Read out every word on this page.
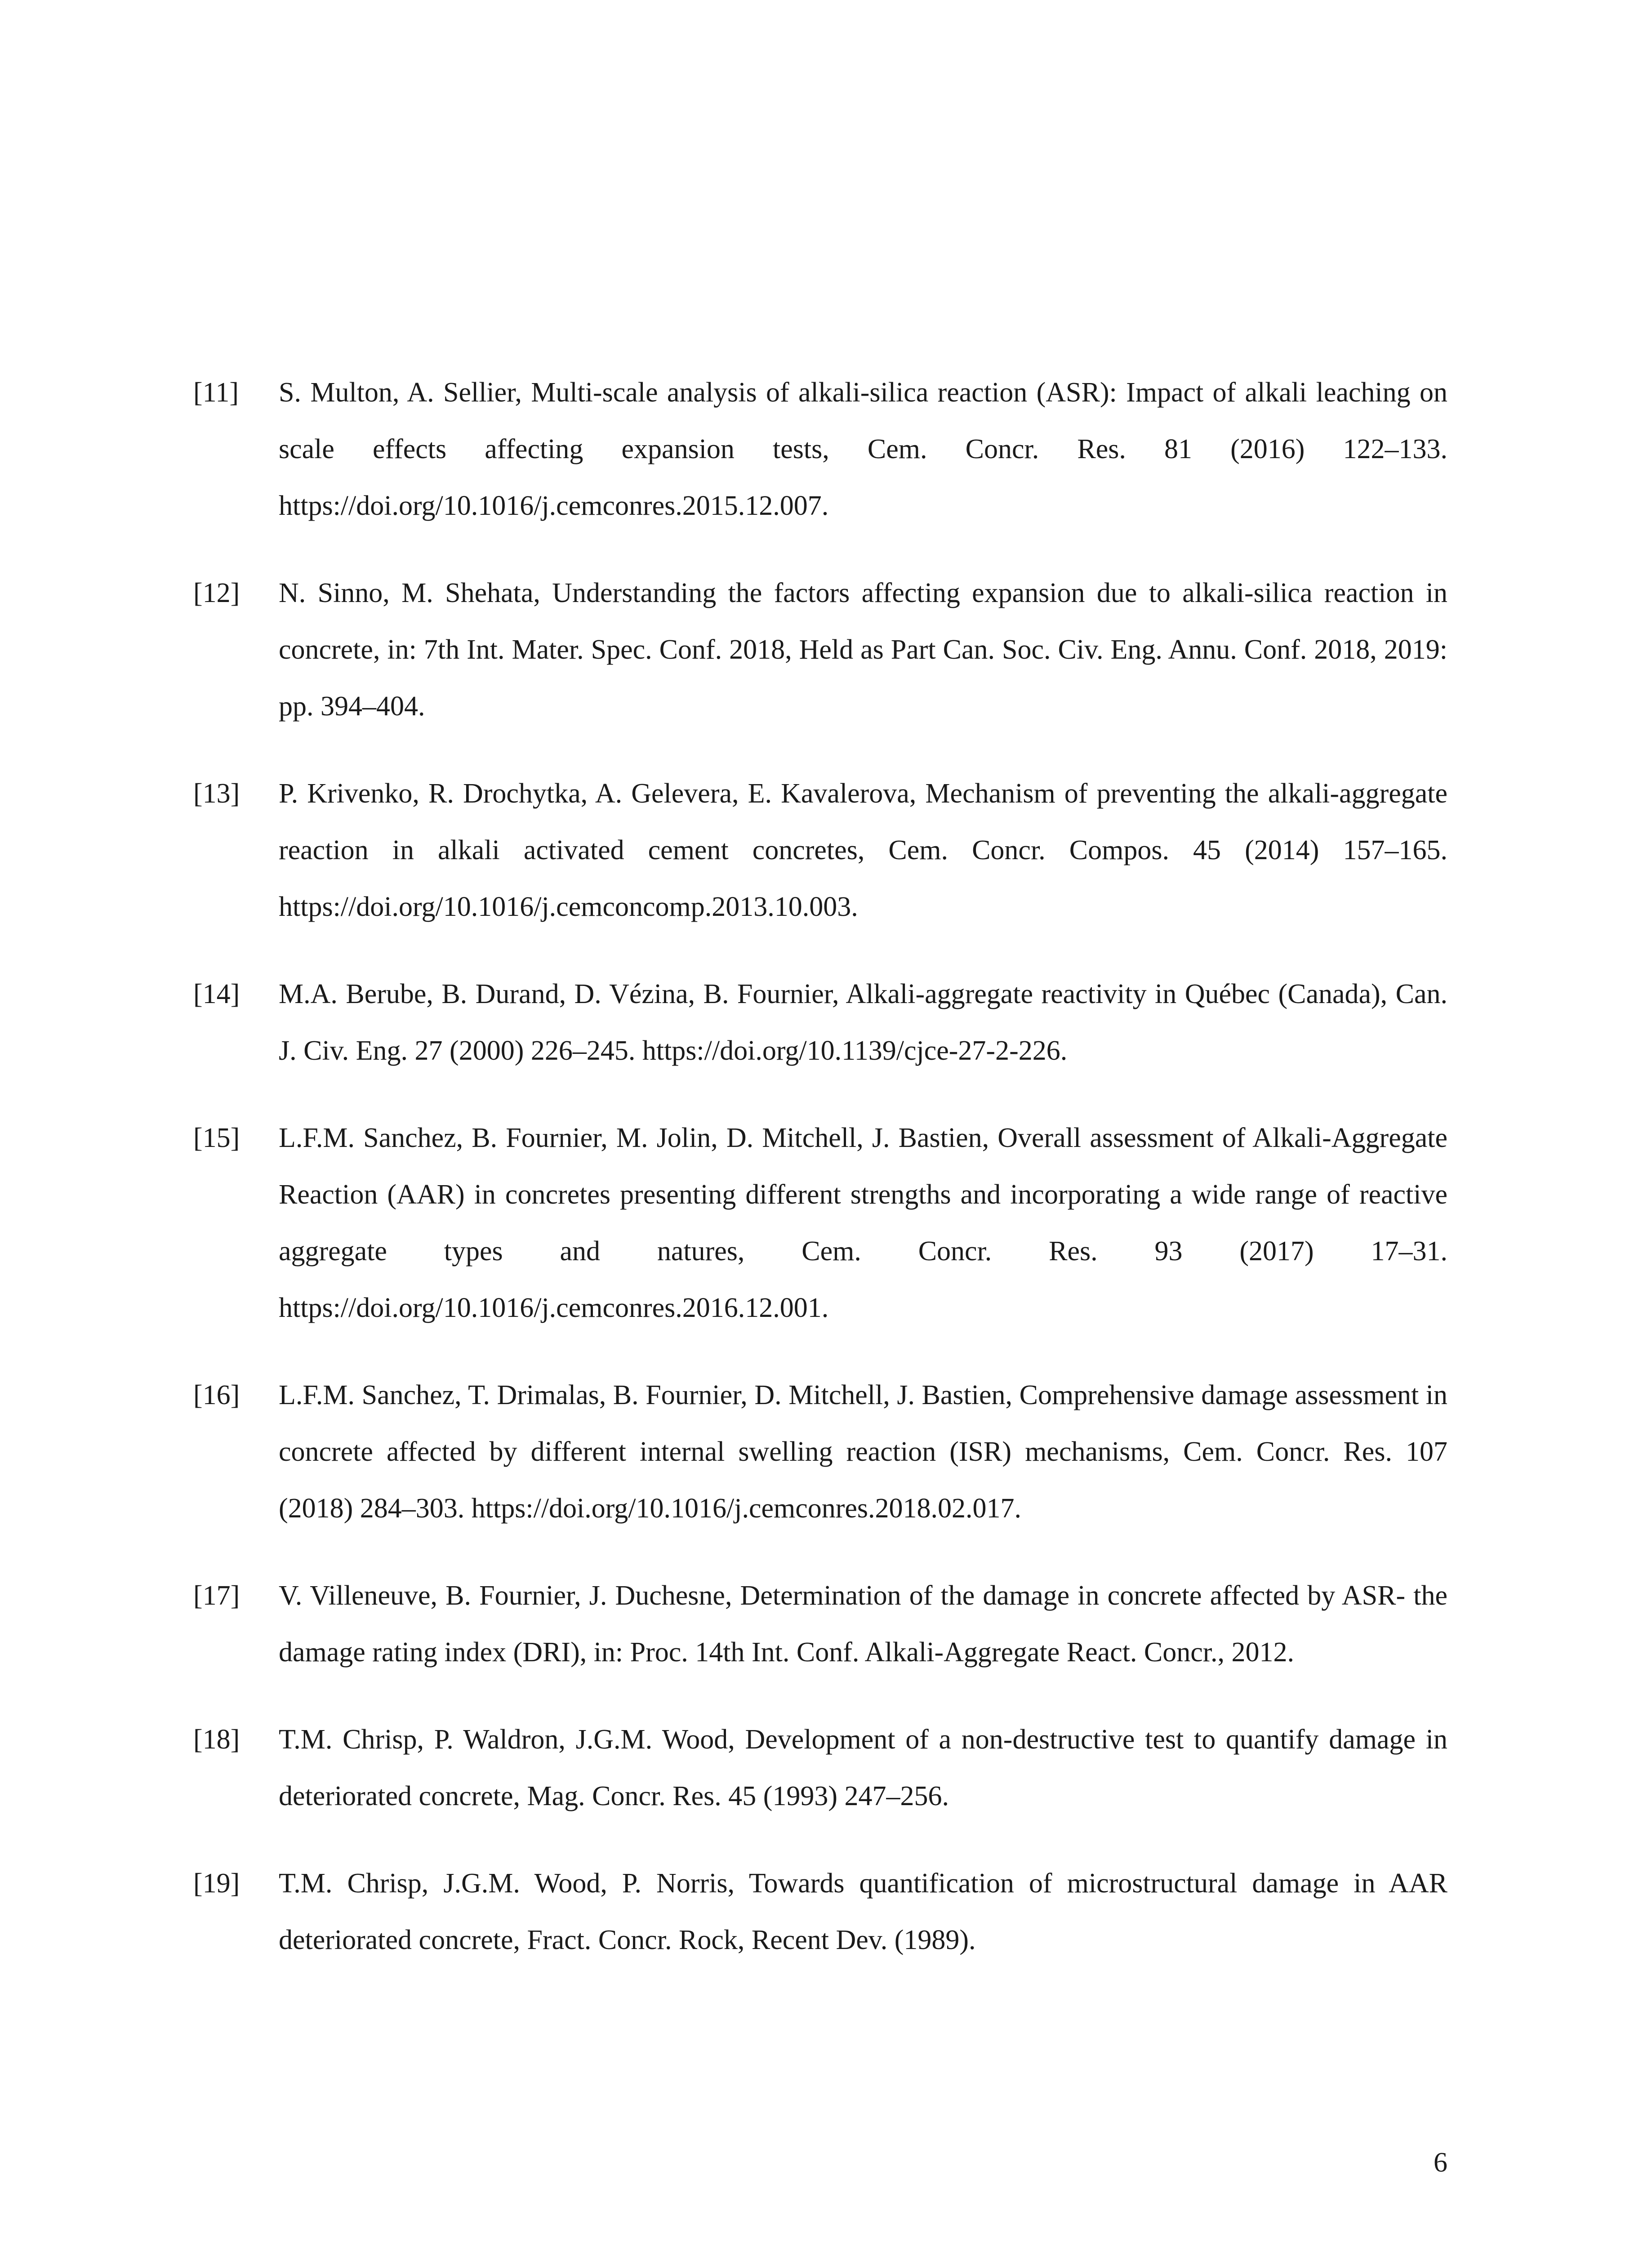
[11]	S. Multon, A. Sellier, Multi-scale analysis of alkali-silica reaction (ASR): Impact of alkali leaching on scale effects affecting expansion tests, Cem. Concr. Res. 81 (2016) 122–133. https://doi.org/10.1016/j.cemconres.2015.12.007.
[12]	N. Sinno, M. Shehata, Understanding the factors affecting expansion due to alkali-silica reaction in concrete, in: 7th Int. Mater. Spec. Conf. 2018, Held as Part Can. Soc. Civ. Eng. Annu. Conf. 2018, 2019: pp. 394–404.
[13]	P. Krivenko, R. Drochytka, A. Gelevera, E. Kavalerova, Mechanism of preventing the alkali-aggregate reaction in alkali activated cement concretes, Cem. Concr. Compos. 45 (2014) 157–165. https://doi.org/10.1016/j.cemconcomp.2013.10.003.
[14]	M.A. Berube, B. Durand, D. Vézina, B. Fournier, Alkali-aggregate reactivity in Québec (Canada), Can. J. Civ. Eng. 27 (2000) 226–245. https://doi.org/10.1139/cjce-27-2-226.
[15]	L.F.M. Sanchez, B. Fournier, M. Jolin, D. Mitchell, J. Bastien, Overall assessment of Alkali-Aggregate Reaction (AAR) in concretes presenting different strengths and incorporating a wide range of reactive aggregate types and natures, Cem. Concr. Res. 93 (2017) 17–31. https://doi.org/10.1016/j.cemconres.2016.12.001.
[16]	L.F.M. Sanchez, T. Drimalas, B. Fournier, D. Mitchell, J. Bastien, Comprehensive damage assessment in concrete affected by different internal swelling reaction (ISR) mechanisms, Cem. Concr. Res. 107 (2018) 284–303. https://doi.org/10.1016/j.cemconres.2018.02.017.
[17]	V. Villeneuve, B. Fournier, J. Duchesne, Determination of the damage in concrete affected by ASR- the damage rating index (DRI), in: Proc. 14th Int. Conf. Alkali-Aggregate React. Concr., 2012.
[18]	T.M. Chrisp, P. Waldron, J.G.M. Wood, Development of a non-destructive test to quantify damage in deteriorated concrete, Mag. Concr. Res. 45 (1993) 247–256.
[19]	T.M. Chrisp, J.G.M. Wood, P. Norris, Towards quantification of microstructural damage in AAR deteriorated concrete, Fract. Concr. Rock, Recent Dev. (1989).
6
